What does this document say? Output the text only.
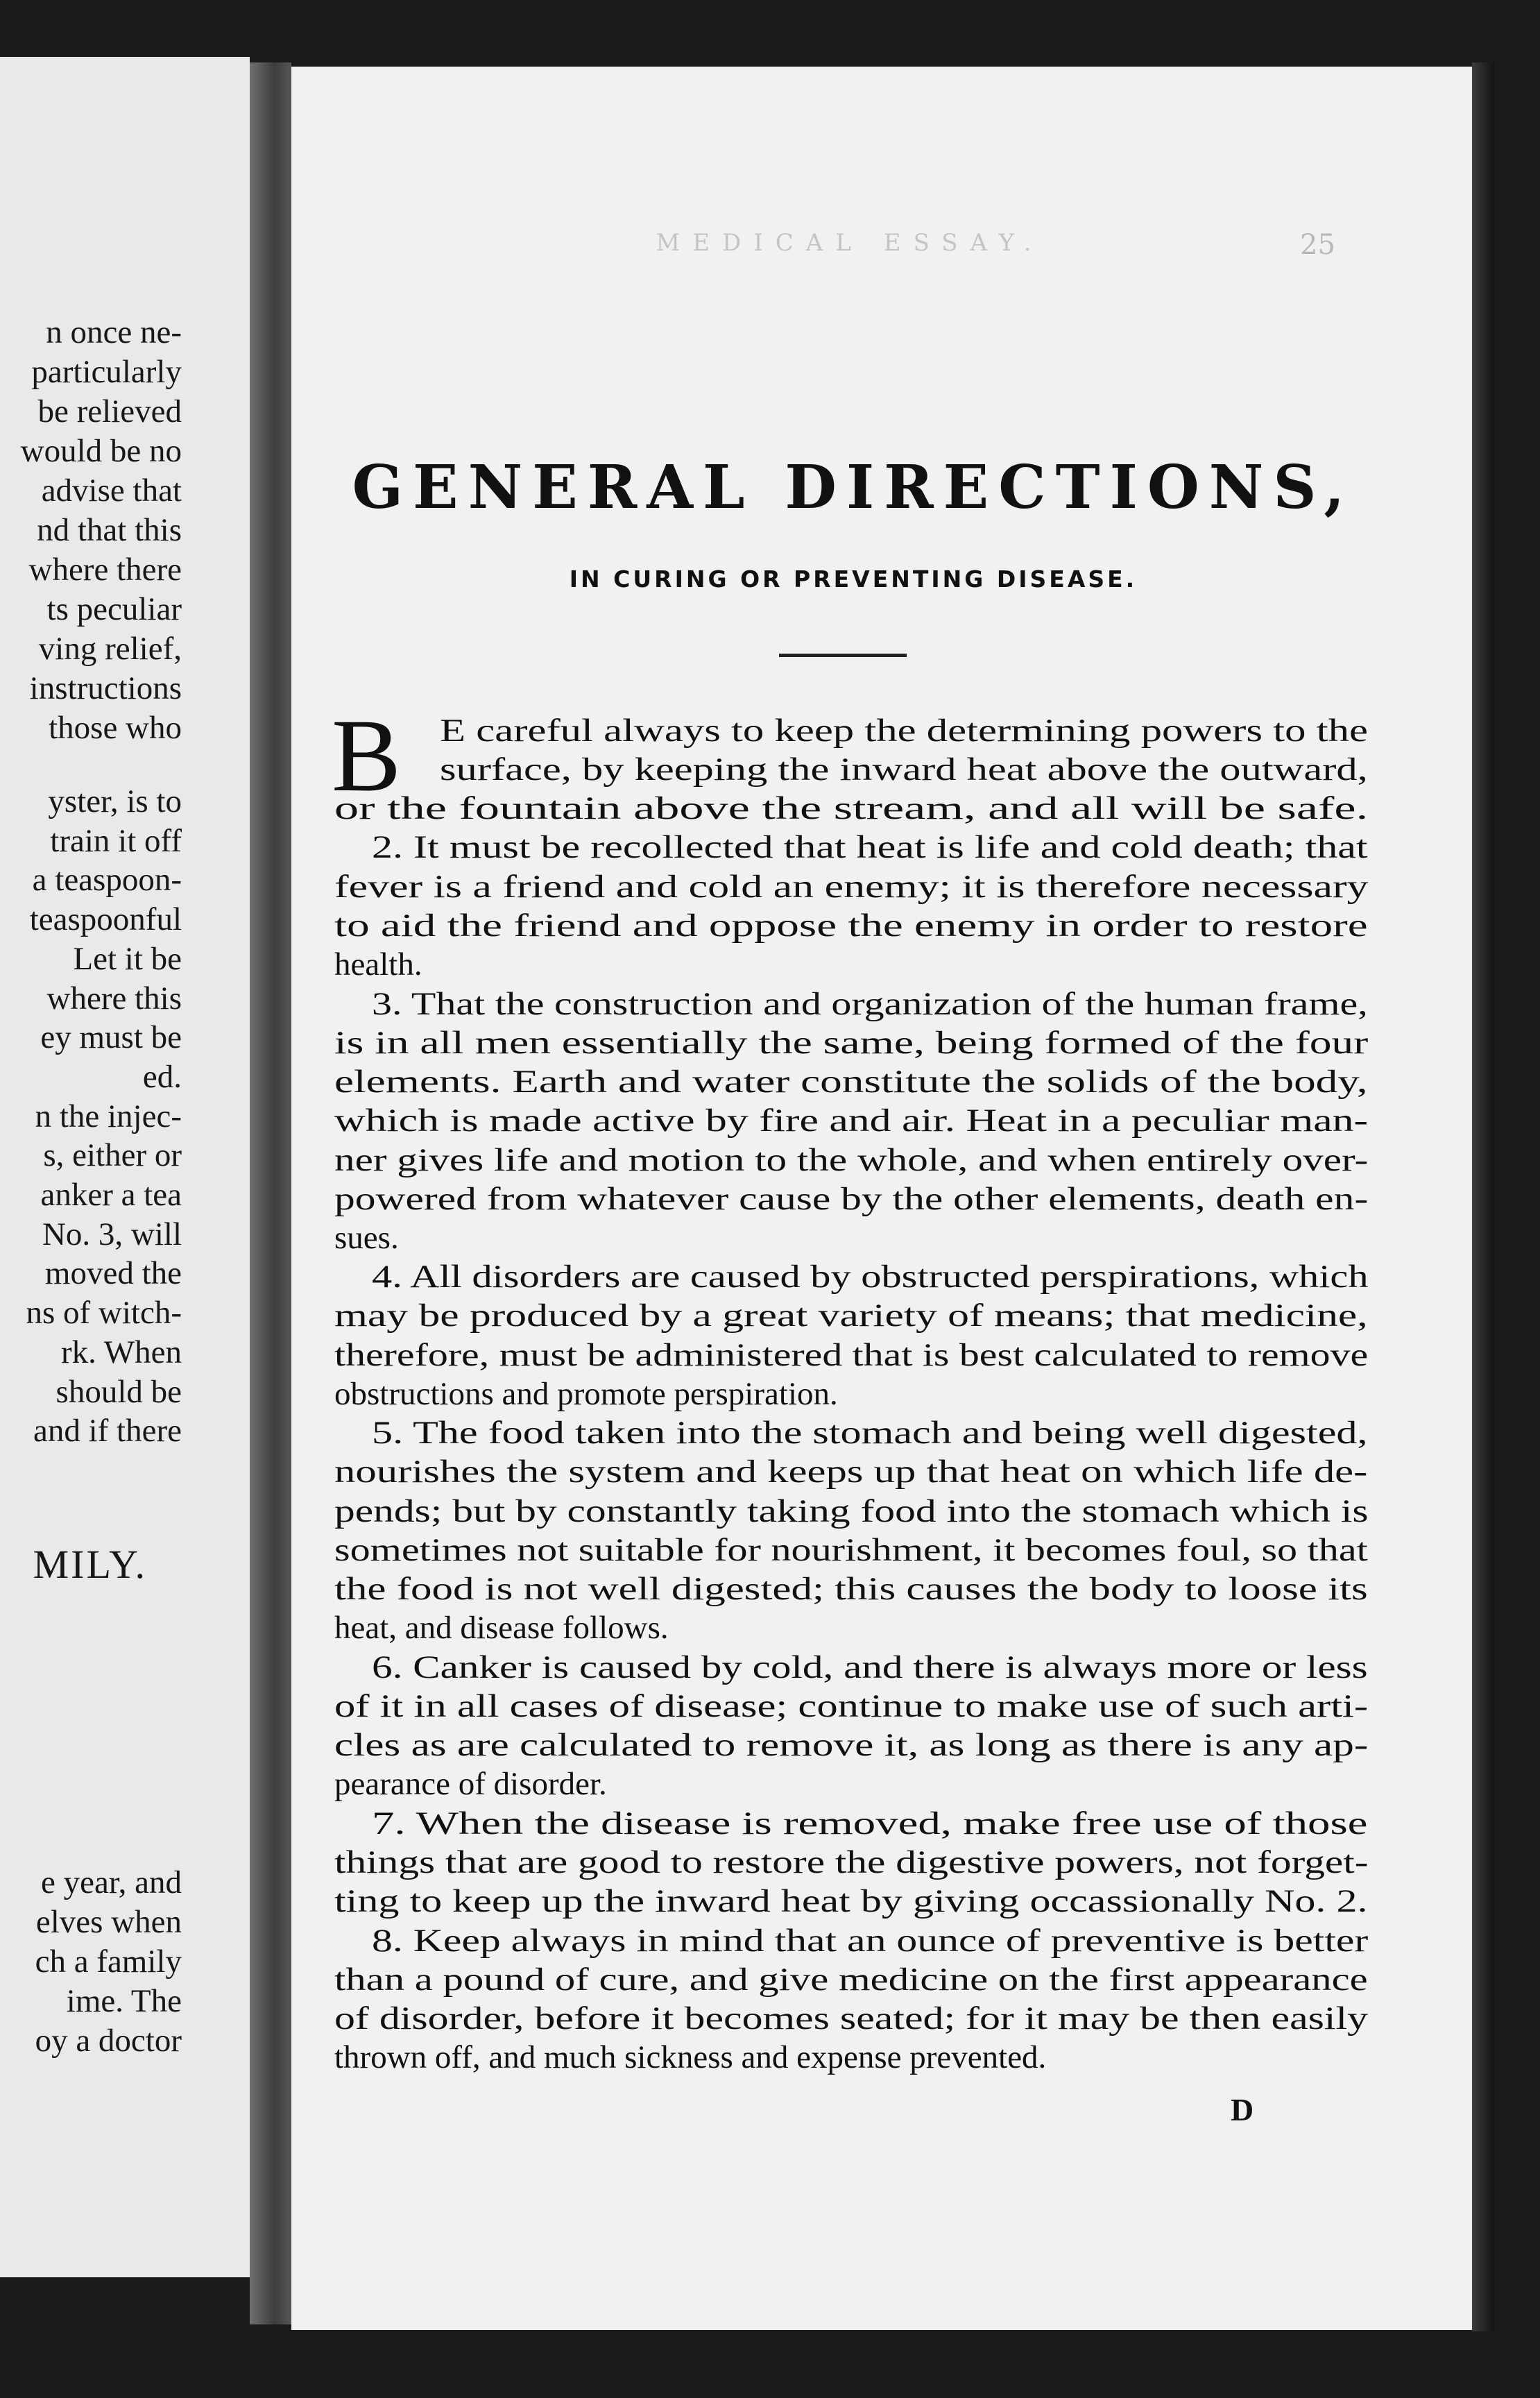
n once ne-
particularly
be relieved
would be no
advise that
nd that this
where there
ts peculiar
ving relief,
instructions
those who
yster, is to
train it off
a teaspoon-
teaspoonful
Let it be
where this
ey must be
ed.
n the injec-
s, either or
anker a tea
No. 3, will
moved the
ns of witch-
rk. When
should be
and if there
MILY.
e year, and
elves when
ch a family
ime. The
oy a doctor
MEDICAL ESSAY.	25
GENERAL DIRECTIONS,
IN CURING OR PREVENTING DISEASE.
B E careful always to keep the determining powers to the
surface, by keeping the inward heat above the outward,
or the fountain above the stream, and all will be safe.
2. It must be recollected that heat is life and cold death; that
fever is a friend and cold an enemy; it is therefore necessary
to aid the friend and oppose the enemy in order to restore
health.
3. That the construction and organization of the human frame,
is in all men essentially the same, being formed of the four
elements. Earth and water constitute the solids of the body,
which is made active by fire and air. Heat in a peculiar man-
ner gives life and motion to the whole, and when entirely over-
powered from whatever cause by the other elements, death en-
sues.
4. All disorders are caused by obstructed perspirations, which
may be produced by a great variety of means; that medicine,
therefore, must be administered that is best calculated to remove
obstructions and promote perspiration.
5. The food taken into the stomach and being well digested,
nourishes the system and keeps up that heat on which life de-
pends; but by constantly taking food into the stomach which is
sometimes not suitable for nourishment, it becomes foul, so that
the food is not well digested; this causes the body to loose its
heat, and disease follows.
6. Canker is caused by cold, and there is always more or less
of it in all cases of disease; continue to make use of such arti-
cles as are calculated to remove it, as long as there is any ap-
pearance of disorder.
7. When the disease is removed, make free use of those
things that are good to restore the digestive powers, not forget-
ting to keep up the inward heat by giving occassionally No. 2.
8. Keep always in mind that an ounce of preventive is better
than a pound of cure, and give medicine on the first appearance
of disorder, before it becomes seated; for it may be then easily
thrown off, and much sickness and expense prevented.
D
